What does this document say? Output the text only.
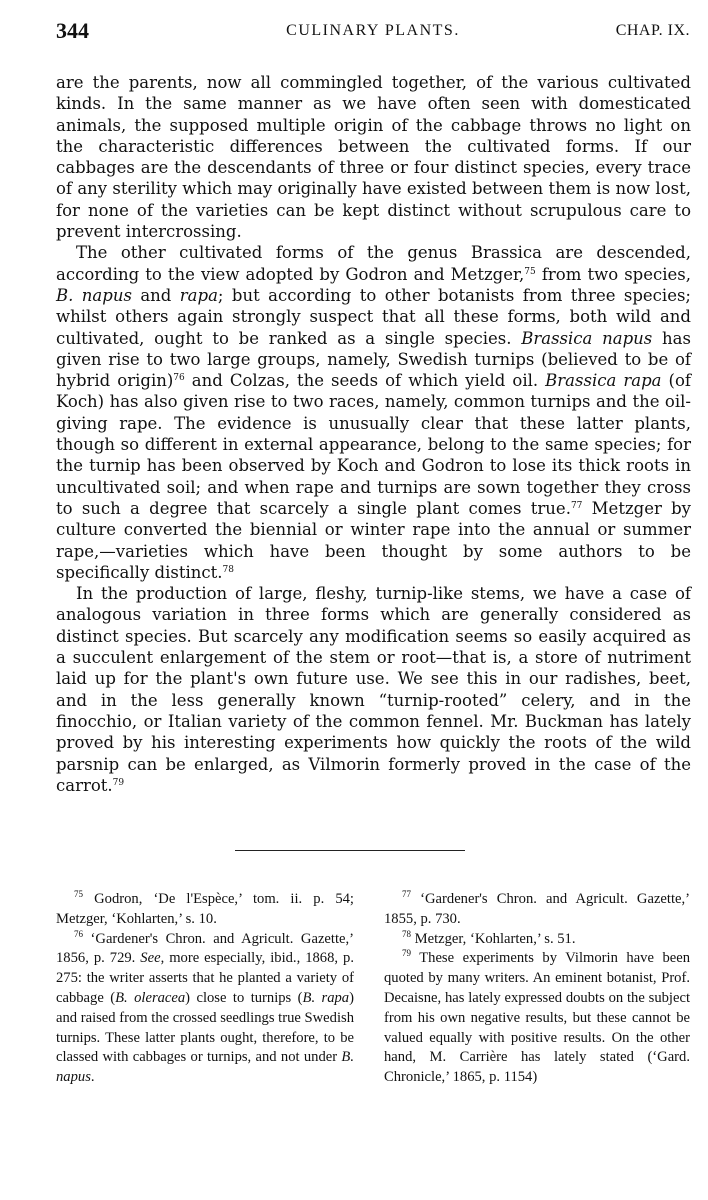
344	CULINARY PLANTS.	CHAP. IX.

are the parents, now all commingled together, of the various cultivated kinds. In the same manner as we have often seen with domesticated animals, the supposed multiple origin of the cabbage throws no light on the characteristic differences between the cultivated forms. If our cabbages are the descendants of three or four distinct species, every trace of any sterility which may originally have existed between them is now lost, for none of the varieties can be kept distinct without scrupulous care to prevent intercrossing.

The other cultivated forms of the genus Brassica are descended, according to the view adopted by Godron and Metzger,$^{75}$ from two species, B. napus and rapa; but according to other botanists from three species; whilst others again strongly suspect that all these forms, both wild and cultivated, ought to be ranked as a single species. Brassica napus has given rise to two large groups, namely, Swedish turnips (believed to be of hybrid origin)$^{76}$ and Colzas, the seeds of which yield oil. Brassica rapa (of Koch) has also given rise to two races, namely, common turnips and the oil-giving rape. The evidence is unusually clear that these latter plants, though so different in external appearance, belong to the same species; for the turnip has been observed by Koch and Godron to lose its thick roots in uncultivated soil; and when rape and turnips are sown together they cross to such a degree that scarcely a single plant comes true.$^{77}$ Metzger by culture converted the biennial or winter rape into the annual or summer rape,—varieties which have been thought by some authors to be specifically distinct.$^{78}$

In the production of large, fleshy, turnip-like stems, we have a case of analogous variation in three forms which are generally considered as distinct species. But scarcely any modification seems so easily acquired as a succulent enlargement of the stem or root—that is, a store of nutriment laid up for the plant's own future use. We see this in our radishes, beet, and in the less generally known “turnip-rooted” celery, and in the finocchio, or Italian variety of the common fennel. Mr. Buckman has lately proved by his interesting experiments how quickly the roots of the wild parsnip can be enlarged, as Vilmorin formerly proved in the case of the carrot.$^{79}$

$^{75}$ Godron, ‘De l'Espèce,’ tom. ii. p. 54; Metzger, ‘Kohlarten,’ s. 10.

$^{76}$ ‘Gardener's Chron. and Agricult. Gazette,’ 1856, p. 729. See, more especially, ibid., 1868, p. 275: the writer asserts that he planted a variety of cabbage (B. oleracea) close to turnips (B. rapa) and raised from the crossed seedlings true Swedish turnips. These latter plants ought, therefore, to be classed with cabbages or turnips, and not under B. napus.

$^{77}$ ‘Gardener's Chron. and Agricult. Gazette,’ 1855, p. 730.

$^{78}$ Metzger, ‘Kohlarten,’ s. 51.

$^{79}$ These experiments by Vilmorin have been quoted by many writers. An eminent botanist, Prof. Decaisne, has lately expressed doubts on the subject from his own negative results, but these cannot be valued equally with positive results. On the other hand, M. Carrière has lately stated (‘Gard. Chronicle,’ 1865, p. 1154)
